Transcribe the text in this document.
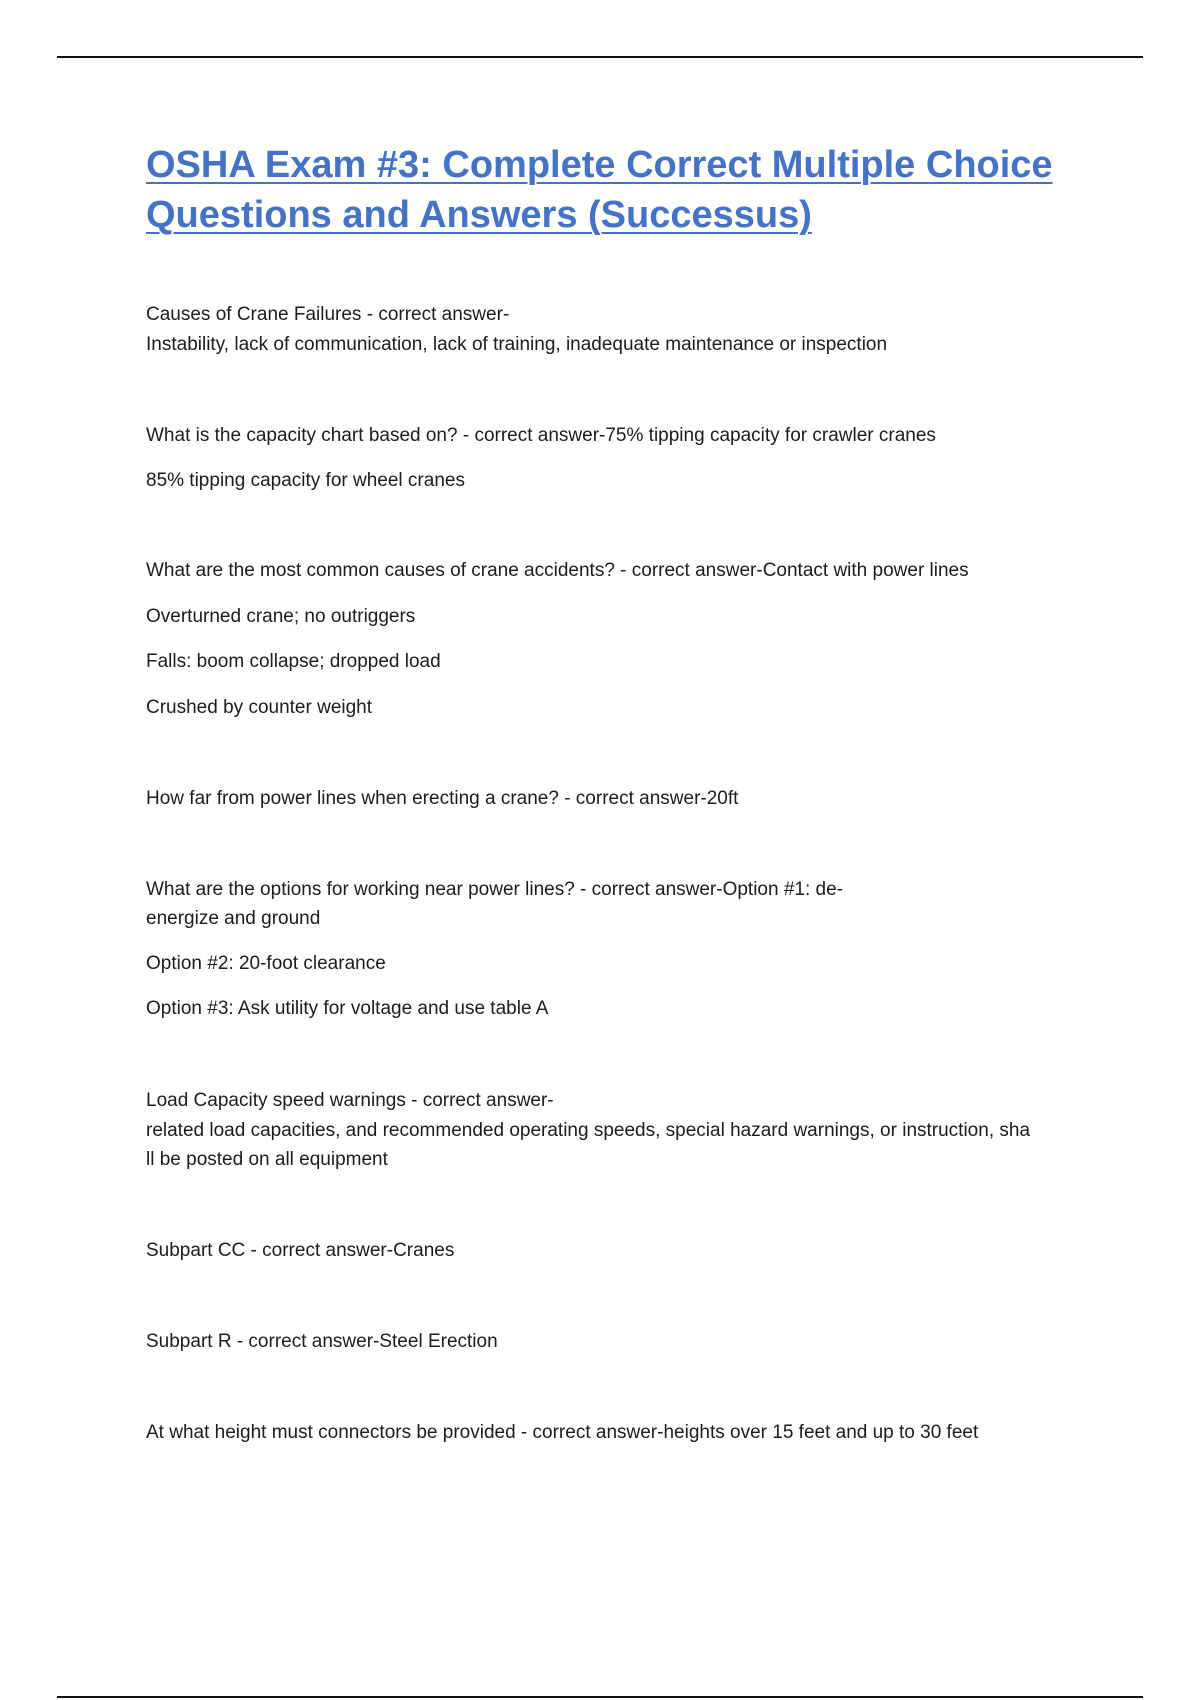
OSHA Exam #3: Complete Correct Multiple Choice Questions and Answers (Successus)

Causes of Crane Failures - correct answer-

Instability, lack of communication, lack of training, inadequate maintenance or inspection

What is the capacity chart based on? - correct answer-75% tipping capacity for crawler cranes

85% tipping capacity for wheel cranes

What are the most common causes of crane accidents? - correct answer-Contact with power lines

Overturned crane; no outriggers

Falls: boom collapse; dropped load

Crushed by counter weight

How far from power lines when erecting a crane? - correct answer-20ft

What are the options for working near power lines? - correct answer-Option #1: de-
energize and ground

Option #2: 20-foot clearance

Option #3: Ask utility for voltage and use table A

Load Capacity speed warnings - correct answer-

related load capacities, and recommended operating speeds, special hazard warnings, or instruction, sha
ll be posted on all equipment

Subpart CC - correct answer-Cranes

Subpart R - correct answer-Steel Erection

At what height must connectors be provided - correct answer-heights over 15 feet and up to 30 feet
